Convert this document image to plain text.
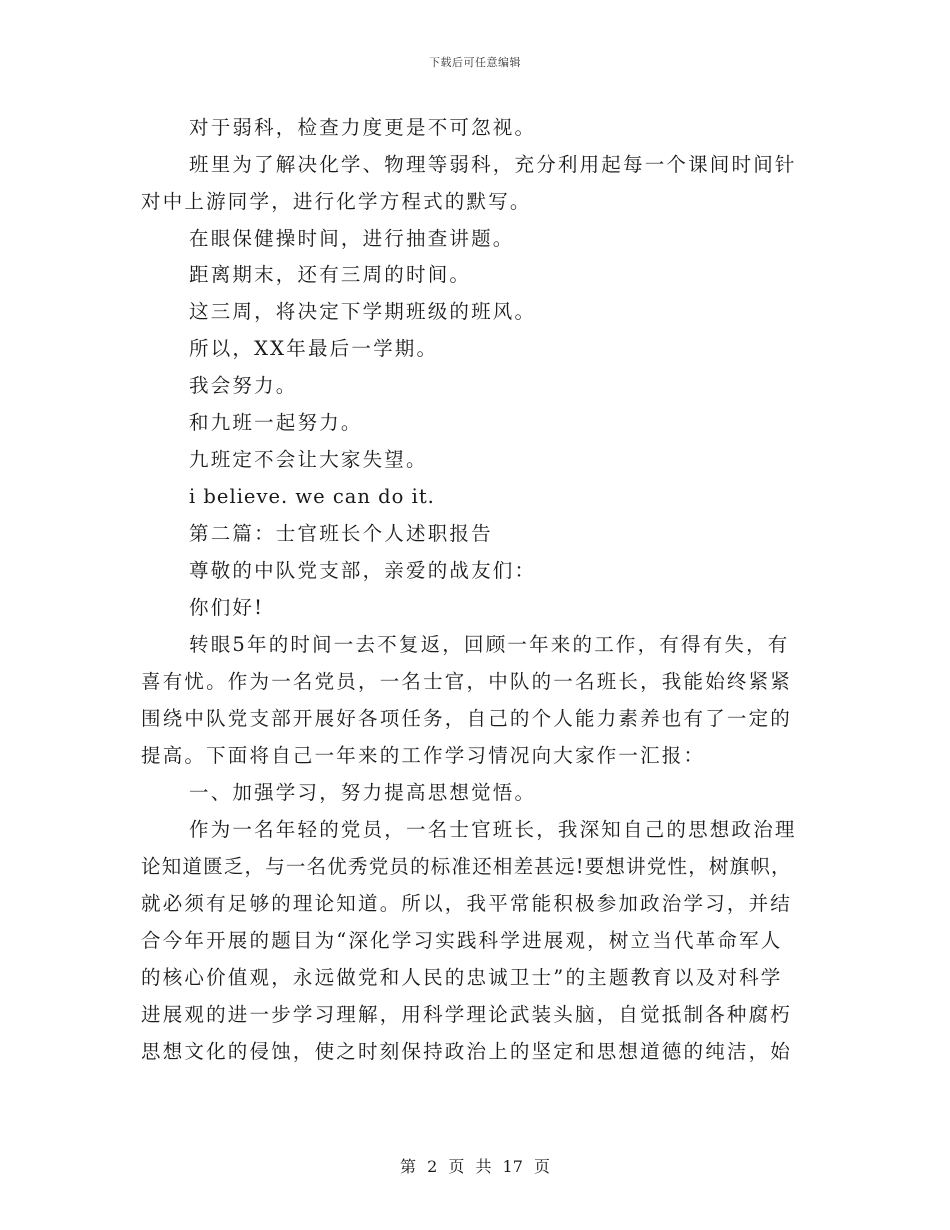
下载后可任意编辑
对于弱科，检查力度更是不可忽视。
班里为了解决化学、物理等弱科，充分利用起每一个课间时间针
对中上游同学，进行化学方程式的默写。
在眼保健操时间，进行抽查讲题。
距离期末，还有三周的时间。
这三周，将决定下学期班级的班风。
所以，XX年最后一学期。
我会努力。
和九班一起努力。
九班定不会让大家失望。
i believe. we can do it.
第二篇：士官班长个人述职报告
尊敬的中队党支部，亲爱的战友们：
你们好!
转眼5年的时间一去不复返，回顾一年来的工作，有得有失，有
喜有忧。作为一名党员，一名士官，中队的一名班长，我能始终紧紧
围绕中队党支部开展好各项任务，自己的个人能力素养也有了一定的
提高。下面将自己一年来的工作学习情况向大家作一汇报：
一、加强学习，努力提高思想觉悟。
作为一名年轻的党员，一名士官班长，我深知自己的思想政治理
论知道匮乏，与一名优秀党员的标准还相差甚远!要想讲党性，树旗帜，
就必须有足够的理论知道。所以，我平常能积极参加政治学习，并结
合今年开展的题目为“深化学习实践科学进展观，树立当代革命军人
的核心价值观，永远做党和人民的忠诚卫士”的主题教育以及对科学
进展观的进一步学习理解，用科学理论武装头脑，自觉抵制各种腐朽
思想文化的侵蚀，使之时刻保持政治上的坚定和思想道德的纯洁，始
第 2 页 共 17 页
